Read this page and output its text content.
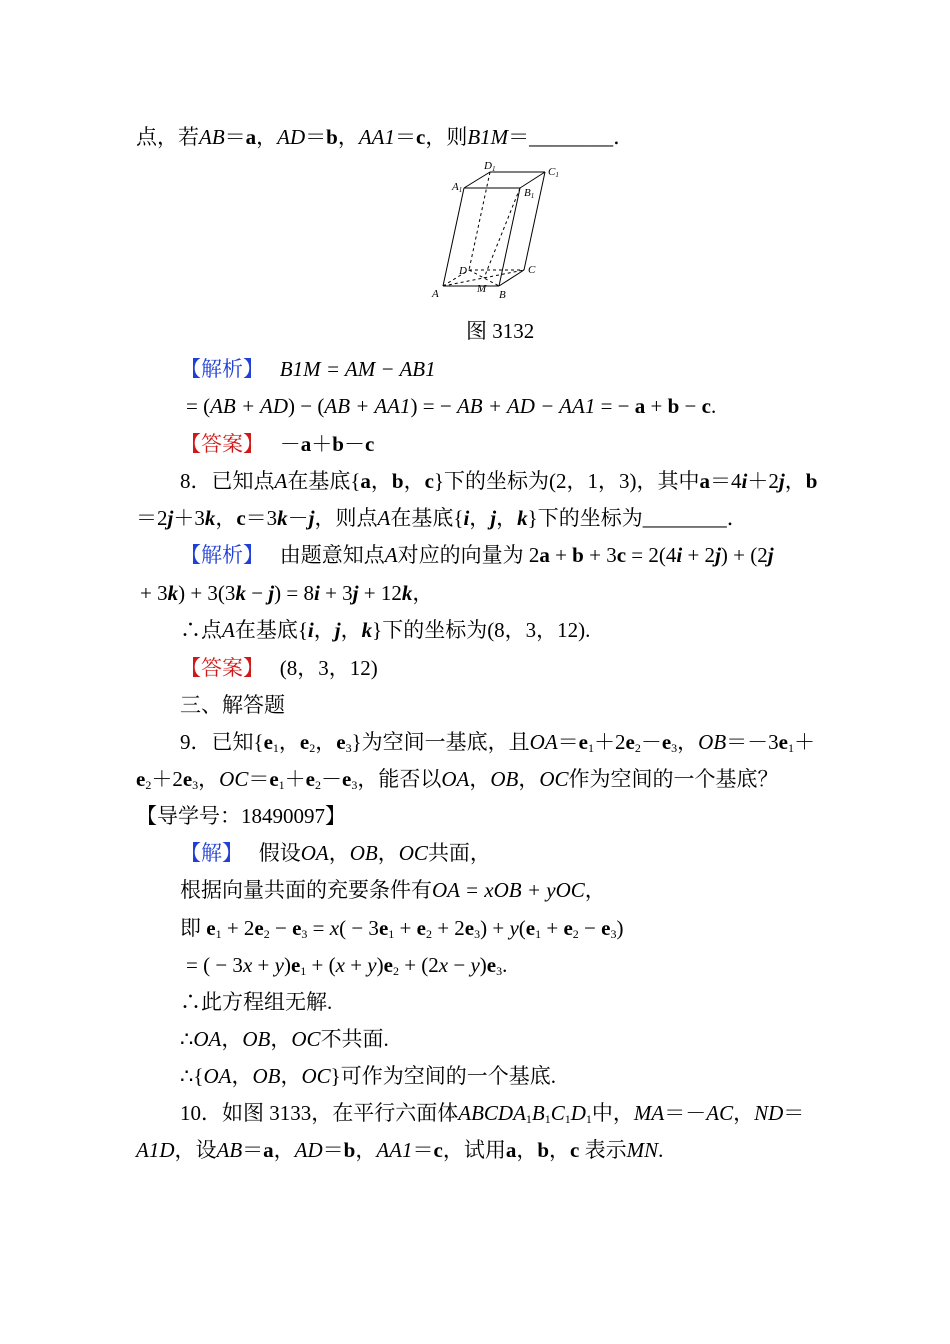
点，若AB＝a，AD＝b，AA1＝c，则B1M＝________．
D1	C1
A1	B1
D	C
A	M B
图 3132
【解析】 B1M = AM − AB1
= (AB + AD) − (AB + AA1) = − AB + AD − AA1 = − a + b − c.
【答案】 －a＋b－c
8．已知点A在基底{a，b，c}下的坐标为(2，1，3)，其中a＝4i＋2j，b
＝2j＋3k，c＝3k－j，则点A在基底{i，j，k}下的坐标为________．
【解析】 由题意知点A对应的向量为 2a + b + 3c = 2(4i + 2j) + (2j
+ 3k) + 3(3k − j) = 8i + 3j + 12k，
∴点A在基底{i，j，k}下的坐标为(8，3，12).
【答案】 (8，3，12)
三、解答题
9．已知{$e_1$，$e_2$，$e_3$}为空间一基底，且$OA=e_1+2e_2-e_3$，$OB=-3e_1+$
$e_2+2e_3$，$OC=e_1+e_2-e_3$，能否以OA，OB，OC作为空间的一个基底？
【导学号：18490097】
【解】 假设OA，OB，OC共面，
根据向量共面的充要条件有OA = xOB + yOC，
即 $e_1 + 2e_2 - e_3 = x( - 3e_1 + e_2 + 2e_3) + y(e_1 + e_2 - e_3)$
= ( − $3x + y)e_1 + (x + y)e_2 + (2x - y)e_3$.
∴此方程组无解.
∴OA，OB，OC不共面.
∴{OA，OB，OC}可作为空间的一个基底.
10．如图 3133，在平行六面体$ABCDA_1B_1C_1D_1$中，MA＝－AC，ND＝
A1D，设AB＝a，AD＝b，AA1＝c，试用a，b，c 表示MN.
